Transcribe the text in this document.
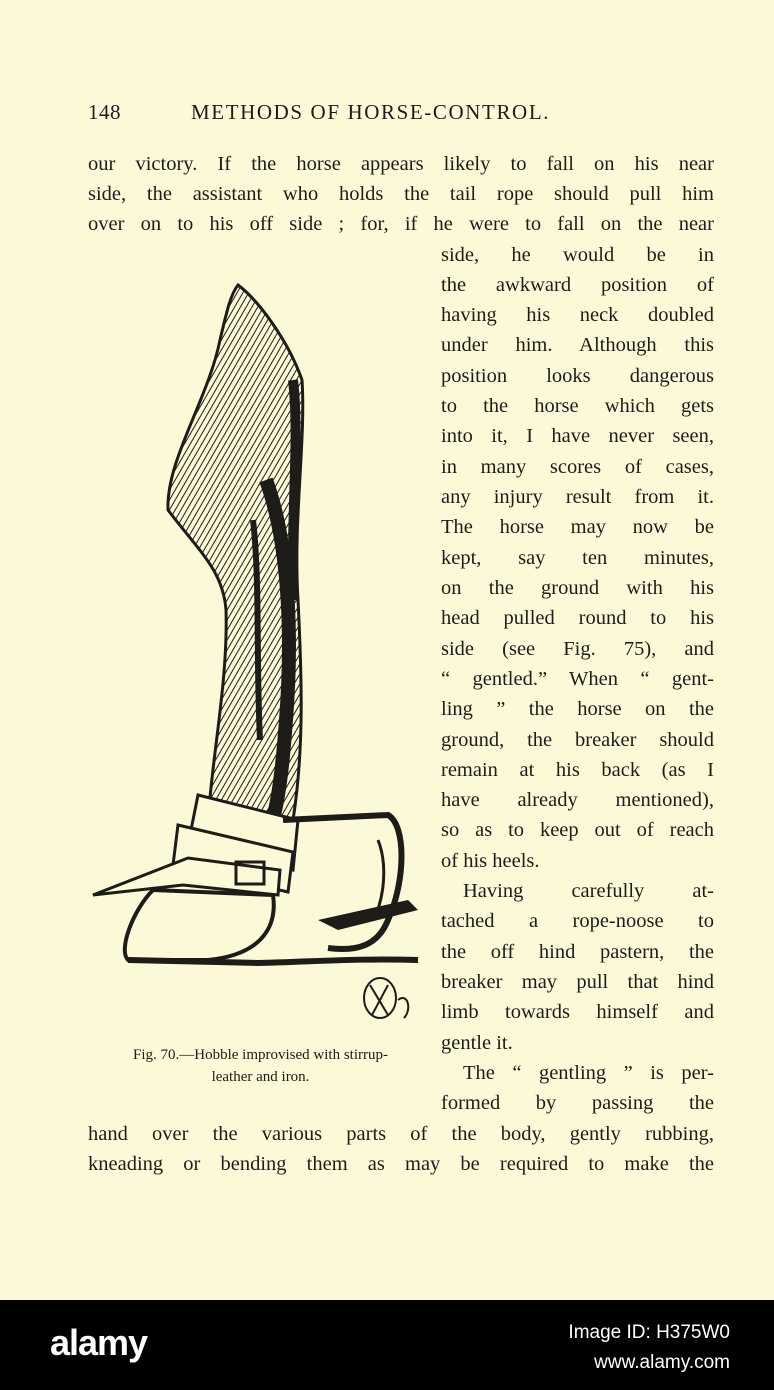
148	METHODS OF HORSE-CONTROL.
our victory. If the horse appears likely to fall on his near
side, the assistant who holds the tail rope should pull him
over on to his off side ; for, if he were to fall on the near
side, he would be in
the awkward position of
having his neck doubled
under him. Although this
position looks dangerous
to the horse which gets
into it, I have never seen,
in many scores of cases,
any injury result from it.
The horse may now be
kept, say ten minutes,
on the ground with his
head pulled round to his
side (see Fig. 75), and
“ gentled.” When “ gent-
ling ” the horse on the
ground, the breaker should
remain at his back (as I
have already mentioned),
so as to keep out of reach
of his heels.
Having carefully at-
tached a rope-noose to
the off hind pastern, the
breaker may pull that hind
limb towards himself and
gentle it.
The “ gentling ” is per-
formed by passing the
hand over the various parts of the body, gently rubbing,
kneading or bending them as may be required to make the
Fig. 70.—Hobble improvised with stirrup-
leather and iron.
alamy	Image ID: H375W0
www.alamy.com
